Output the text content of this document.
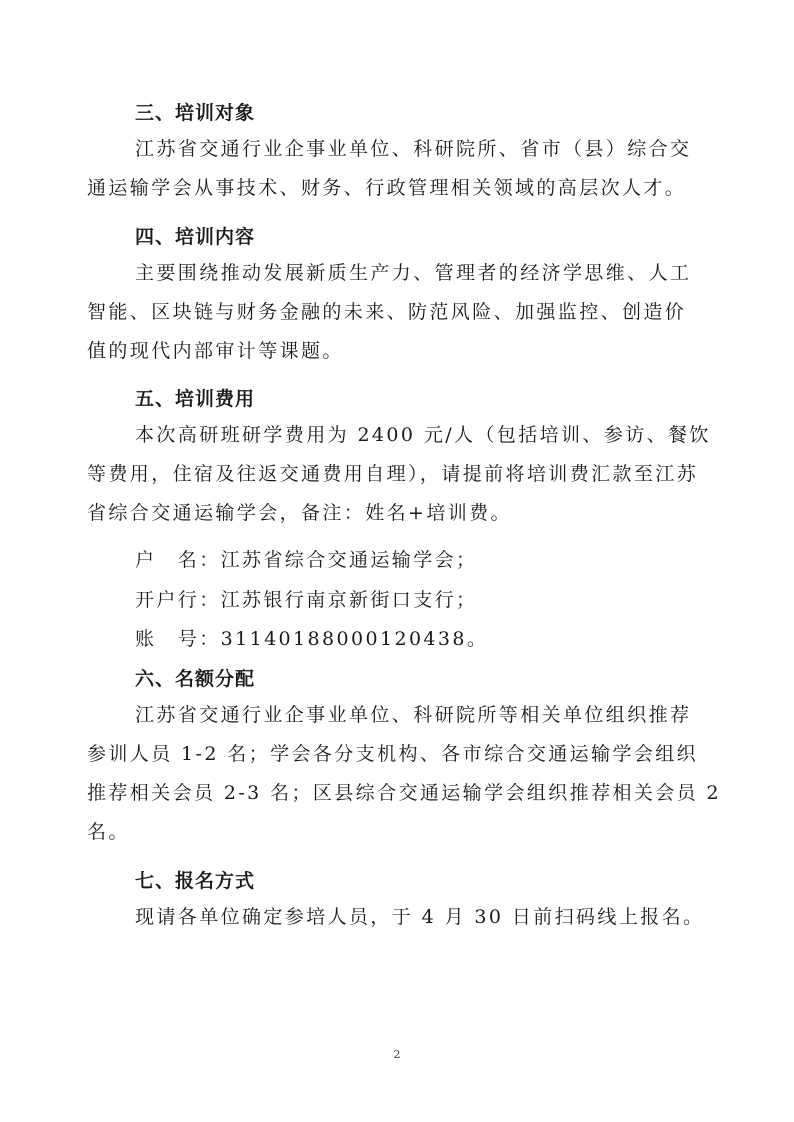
三、培训对象
江苏省交通行业企事业单位、科研院所、省市（县）综合交
通运输学会从事技术、财务、行政管理相关领域的高层次人才。
四、培训内容
主要围绕推动发展新质生产力、管理者的经济学思维、人工
智能、区块链与财务金融的未来、防范风险、加强监控、创造价
值的现代内部审计等课题。
五、培训费用
本次高研班研学费用为 2400 元/人（包括培训、参访、餐饮
等费用，住宿及往返交通费用自理），请提前将培训费汇款至江苏
省综合交通运输学会，备注：姓名+培训费。
户　名：江苏省综合交通运输学会；
开户行：江苏银行南京新街口支行；
账　号：31140188000120438。
六、名额分配
江苏省交通行业企事业单位、科研院所等相关单位组织推荐
参训人员 1-2 名；学会各分支机构、各市综合交通运输学会组织
推荐相关会员 2-3 名；区县综合交通运输学会组织推荐相关会员 2
名。
七、报名方式
现请各单位确定参培人员，于 4 月 30 日前扫码线上报名。
2
